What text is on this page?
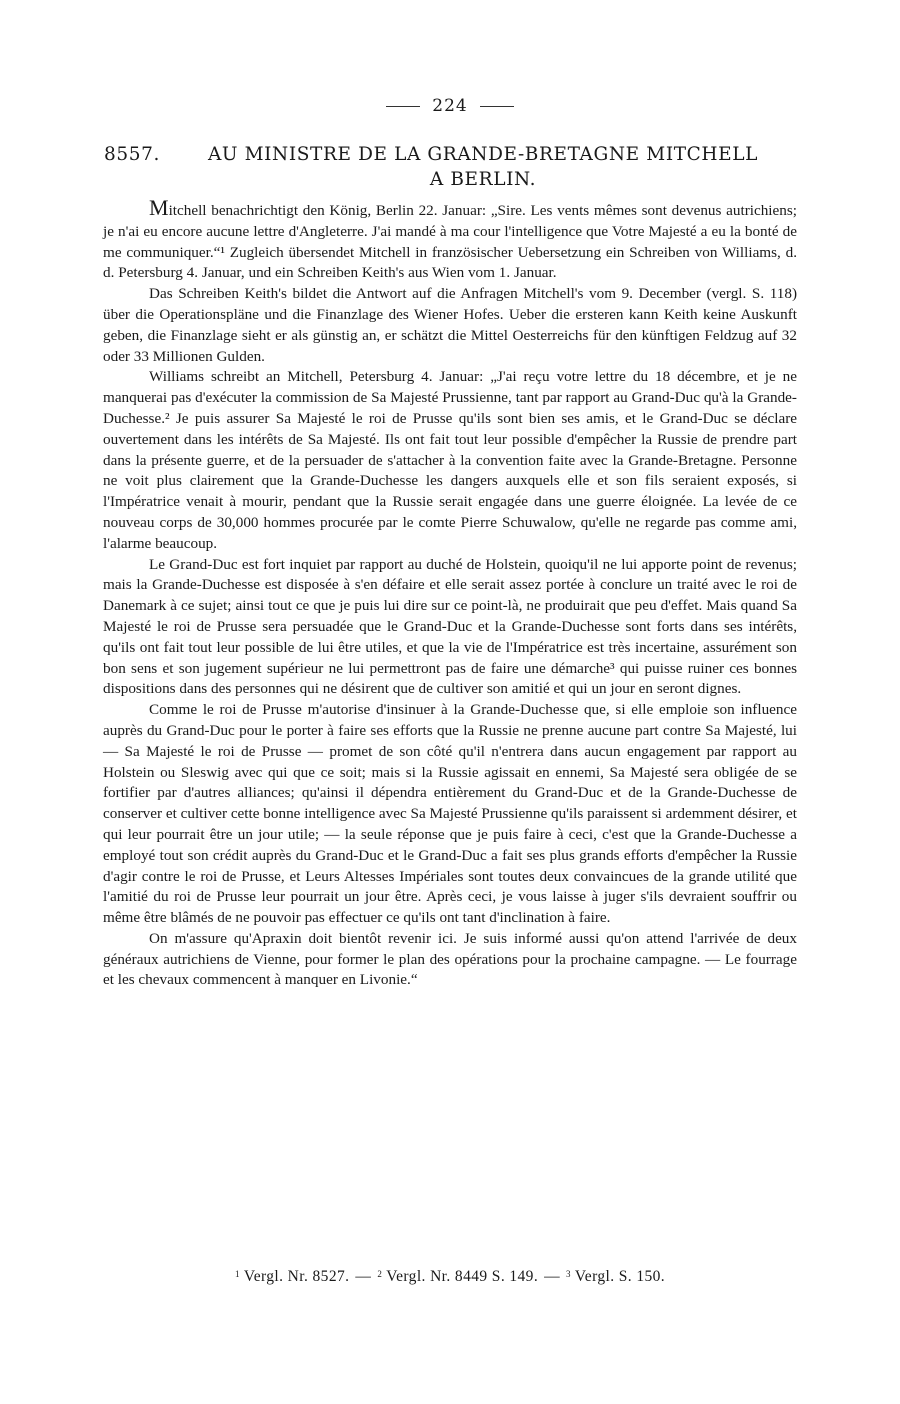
224
8557.	AU MINISTRE DE LA GRANDE-BRETAGNE MITCHELL
A BERLIN.

Mitchell benachrichtigt den König, Berlin 22. Januar: „Sire. Les vents mêmes sont devenus autrichiens; je n'ai eu encore aucune lettre d'Angleterre. J'ai mandé à ma cour l'intelligence que Votre Majesté a eu la bonté de me communiquer.“¹ Zugleich übersendet Mitchell in französischer Uebersetzung ein Schreiben von Williams, d. d. Petersburg 4. Januar, und ein Schreiben Keith's aus Wien vom 1. Januar.

Das Schreiben Keith's bildet die Antwort auf die Anfragen Mitchell's vom 9. December (vergl. S. 118) über die Operationspläne und die Finanzlage des Wiener Hofes. Ueber die ersteren kann Keith keine Auskunft geben, die Finanzlage sieht er als günstig an, er schätzt die Mittel Oesterreichs für den künftigen Feldzug auf 32 oder 33 Millionen Gulden.

Williams schreibt an Mitchell, Petersburg 4. Januar: „J'ai reçu votre lettre du 18 décembre, et je ne manquerai pas d'exécuter la commission de Sa Majesté Prussienne, tant par rapport au Grand-Duc qu'à la Grande-Duchesse.² Je puis assurer Sa Majesté le roi de Prusse qu'ils sont bien ses amis, et le Grand-Duc se déclare ouvertement dans les intérêts de Sa Majesté. Ils ont fait tout leur possible d'empêcher la Russie de prendre part dans la présente guerre, et de la persuader de s'attacher à la convention faite avec la Grande-Bretagne. Personne ne voit plus clairement que la Grande-Duchesse les dangers auxquels elle et son fils seraient exposés, si l'Impératrice venait à mourir, pendant que la Russie serait engagée dans une guerre éloignée. La levée de ce nouveau corps de 30,000 hommes procurée par le comte Pierre Schuwalow, qu'elle ne regarde pas comme ami, l'alarme beaucoup.

Le Grand-Duc est fort inquiet par rapport au duché de Holstein, quoiqu'il ne lui apporte point de revenus; mais la Grande-Duchesse est disposée à s'en défaire et elle serait assez portée à conclure un traité avec le roi de Danemark à ce sujet; ainsi tout ce que je puis lui dire sur ce point-là, ne produirait que peu d'effet. Mais quand Sa Majesté le roi de Prusse sera persuadée que le Grand-Duc et la Grande-Duchesse sont forts dans ses intérêts, qu'ils ont fait tout leur possible de lui être utiles, et que la vie de l'Impératrice est très incertaine, assurément son bon sens et son jugement supérieur ne lui permettront pas de faire une démarche³ qui puisse ruiner ces bonnes dispositions dans des personnes qui ne désirent que de cultiver son amitié et qui un jour en seront dignes.

Comme le roi de Prusse m'autorise d'insinuer à la Grande-Duchesse que, si elle emploie son influence auprès du Grand-Duc pour le porter à faire ses efforts que la Russie ne prenne aucune part contre Sa Majesté, lui — Sa Majesté le roi de Prusse — promet de son côté qu'il n'entrera dans aucun engagement par rapport au Holstein ou Sleswig avec qui que ce soit; mais si la Russie agissait en ennemi, Sa Majesté sera obligée de se fortifier par d'autres alliances; qu'ainsi il dépendra entièrement du Grand-Duc et de la Grande-Duchesse de conserver et cultiver cette bonne intelligence avec Sa Majesté Prussienne qu'ils paraissent si ardemment désirer, et qui leur pourrait être un jour utile; — la seule réponse que je puis faire à ceci, c'est que la Grande-Duchesse a employé tout son crédit auprès du Grand-Duc et le Grand-Duc a fait ses plus grands efforts d'empêcher la Russie d'agir contre le roi de Prusse, et Leurs Altesses Impériales sont toutes deux convaincues de la grande utilité que l'amitié du roi de Prusse leur pourrait un jour être. Après ceci, je vous laisse à juger s'ils devraient souffrir ou même être blâmés de ne pouvoir pas effectuer ce qu'ils ont tant d'inclination à faire.

On m'assure qu'Apraxin doit bientôt revenir ici. Je suis informé aussi qu'on attend l'arrivée de deux généraux autrichiens de Vienne, pour former le plan des opérations pour la prochaine campagne. — Le fourrage et les chevaux commencent à manquer en Livonie.“

$^1$ Vergl. Nr. 8527. — $^2$ Vergl. Nr. 8449 S. 149. — $^3$ Vergl. S. 150.
